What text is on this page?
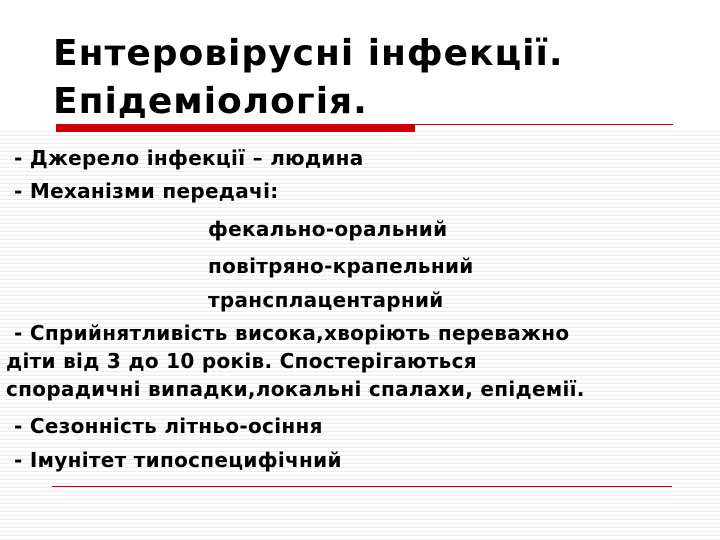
Ентеровірусні інфекції.
Епідеміологія.
- Джерело інфекції – людина
- Механізми передачі:
фекально-оральний
повітряно-крапельний
трансплацентарний
- Сприйнятливість висока,хворіють переважно
діти від 3 до 10 років. Спостерігаються
спорадичні випадки,локальні спалахи, епідемії.
- Сезонність літньо-осіння
- Імунітет типоспецифічний
